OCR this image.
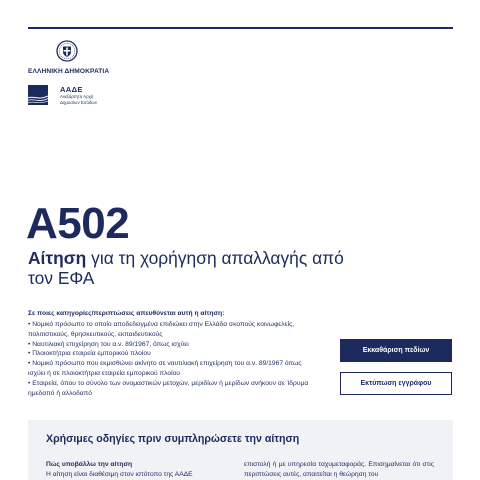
ΕΛΛΗΝΙΚΗ ΔΗΜΟΚΡΑΤΙΑ
ΑΑΔΕ
Ανεξάρτητη Αρχή
Δημοσίων Εσόδων
Α502
Αίτηση για τη χορήγηση απαλλαγής από τον ΕΦΑ
Σε ποιες κατηγορίες/περιπτώσεις απευθύνεται αυτή η αίτηση:
• Νομικό πρόσωπο το οποίο αποδεδειγμένα επιδιώκει στην Ελλάδα σκοπούς κοινωφελείς, πολιτιστικούς, θρησκευτικούς, εκπαιδευτικούς
• Ναυτιλιακή επιχείρηση του α.ν. 89/1967, όπως ισχύει
• Πλοιοκτήτρια εταιρεία εμπορικού πλοίου
• Νομικό πρόσωπο που εκμισθώνει ακίνητο σε ναυτιλιακή επιχείρηση του α.ν. 89/1967 όπως ισχύει ή σε πλοιοκτήτρια εταιρεία εμπορικού πλοίου
• Εταιρεία, όπου το σύνολο των ονομαστικών μετοχών, μεριδίων ή μερίδων ανήκουν σε Ίδρυμα ημεδαπό ή αλλοδαπό
Εκκαθάριση πεδίων
Εκτύπωση εγγράφου
Χρήσιμες οδηγίες πριν συμπληρώσετε την αίτηση
Πώς υποβάλλω την αίτηση
Η αίτηση είναι διαθέσιμη στον ιστότοπο της ΑΑΔΕ
επιστολή ή με υπηρεσία ταχυμεταφοράς. Επισημαίνεται ότι στις περιπτώσεις αυτές, απαιτείται η θεώρηση του
